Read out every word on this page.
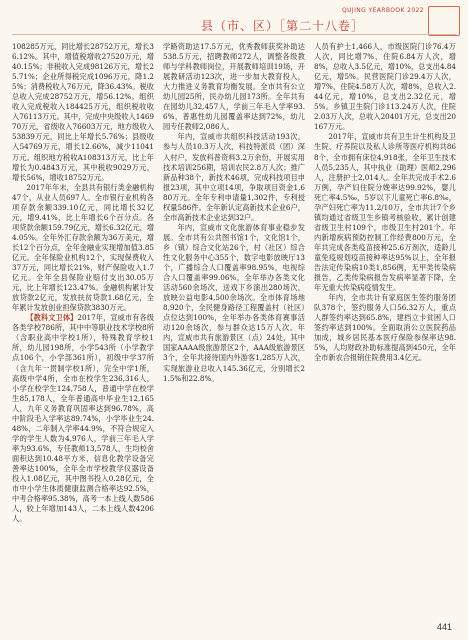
QUJING YEARBOOK 2022
县（市、区）［第二十八卷］

108285万元，同比增长28752万元，增长36.12%。其中，增值税增收27520万元，增40.15%；非税收入完成98126万元，增长25.71%；企业所得税完成1096万元，降1.25%；消费税收入76万元，降36.43%。税收总收入完成28752万元，增56.12%。组织收入完成税收入184425万元，组织税收收入76113万元。其中，完成中央级收入146970万元，省级收入76603万元，地方级收入53839万元，同比上年增长5.76%；县级收入54769万元，增长12.66%，减少11041万元。组织地方税收A108313万元，比上年增长为0.4843万元，其中税收9029万元，增长56%，增收18752万元。

2017年年末，全县共有银行类金融机构47个，从业人员697人。全市银行业机构各项存款余额339.10亿元，同比增长32亿元，增9.41%，比上年增长6个百分点。各项贷款余额159.79亿元，增长6.32亿元，增4.05%。全年外汇存款余额为36万美元，增长12个百分点，全年金融业实现增加值3.85亿元。全年保险业机构12个，实现保费收入37万元，同比增长21%，财产保险收入1.7亿元。全年全县保险业赔付支出30.05万元，比上年增长123.47%。金融机构累计发放贷款2亿元，发放扶贫贷款1.68亿元，全年累计发放创业担保贷款3830万元。

【教科文卫体】2017年，宣威市有各级各类学校786所，其中中等职业技术学校8所（含职业高中学校1所），特殊教育学校1所，幼儿园198所，小学543所（小学教学点106个，小学部361所），初级中学37所（含九年一贯制学校1所），完全中学1所，高级中学4所，全市在校学生236,316人，小学在校学生124,758人，普通中学在校学生85,178人，全年普通高中毕业生12,165人，九年义务教育巩固率达到96.78%，高中阶段毛入学率达89.74%，小学毕业生24.48%，二年制入学率44.9%，不符合规定入学的学生人数为4,976人，学前三年毛入学率为93.6%，专任教师13,578人，生均校舍面积达到10.48平方米，信息化教学设备完善率达100%，全年全市学校教学仪器设备投入1.08亿元，其中图书投入0.28亿元，全市中小学生体质健康监测合格率达92.5%，中考合格率95.38%，高考一本上线人数586人，较上年增加143人，二本上线人数4206人。

学路资助达17.5万元，优秀教师获奖补助达538.5万元，招聘教师272人，调整各级教师与学科教师岗位，开展教师培训19场，开展教研活动123次，进一步加大教育投入，大力推进义务教育均衡发展。全市共有公立幼儿园25所，民办幼儿园173所。全年共有在园幼儿32,457人，学前三年毛入学率93.6%，普惠性幼儿园覆盖率达到72%，幼儿园专任教师2,086人。

年内，宣威市共组织科技活动193次，参与人员10.3万人次，科技特派员（团）深入村户，发放科普资料3.2万余份，开展实用技术培训256期，培训农民2.8万人次；推广新品种38个，新技术46项，完成科技项目申报23项，其中立项14项，争取项目资金1,680万元。全年专利申请量1,302件，专利授权量586件。全年新认定高新技术企业6户，全市高新技术企业达到32户。

年内，宣威市文化旅游体育事业稳步发展。全市共有公共图书馆1个，文化馆1个，乡（镇）综合文化站26个，村（社区）综合性文化服务中心355个，数字电影放映厅13个，广播综合人口覆盖率98.95%，电视综合人口覆盖率99.06%，全年举办各类文化活动560余场次，送戏下乡演出280场次，放映公益电影4,500余场次。全市体育场地8,920个，全民健身路径工程覆盖村（社区）点位达到100%，全年举办各类体育赛事活动120余场次，参与群众达15万人次。年内，宣威市共有旅游景区（点）24处，其中国家AAAA级旅游景区2个，AAA级旅游景区3个，全年共接待国内外游客1,285万人次，实现旅游业总收入145.36亿元，分别增长21.5%和22.8%。

人员有护士1,466人，市级医院门诊76.4万人次，同比增7%，住院6.84万人次，增8%，总收入3.5亿元，增10%，总支出4.84亿元，增5%。民营医院门诊29.4万人次，增7%，住院4.58万人次，增8%，总收入2.44亿元，增10%，总支出2.32亿元，增5%。乡镇卫生院门诊113.24万人次，住院2.03万人次，总收入20401万元，总支出20167万元。

2017年，宣威市共有卫生计生机构及卫生院、疗养院以及私人诊所等医疗机构共868个，全市拥有床位4,918张，全年卫生技术人员5,235人，其中执业（助理）医师2,296人，注册护士2,014人。全年共完成手术2.6万例，孕产妇住院分娩率达99.92%，婴儿死亡率4.5‰，5岁以下儿童死亡率6.8‰，孕产妇死亡率为11.2/10万，全市共计7个乡镇均通过省级卫生乡镇考核验收，累计创建省级卫生村109个，市级卫生村201个。年内新增疾病预防控制工作经费800万元，全年共完成各类疫苗接种25.6万剂次，适龄儿童免疫规划疫苗接种率达95%以上，全年报告法定传染病10类1,856例，无甲类传染病报告，乙类传染病报告发病率显著下降，全年无重大传染病疫情发生。

年内，全市共计有家庭医生签约服务团队378个，签约服务人口56.32万人，重点人群签约率达到65.8%，建档立卡贫困人口签约率达到100%。全面取消公立医院药品加成，城乡居民基本医疗保险参保率达98.5%，人均财政补助标准提高到450元，全年全市新农合报销住院费用3.4亿元。

441
